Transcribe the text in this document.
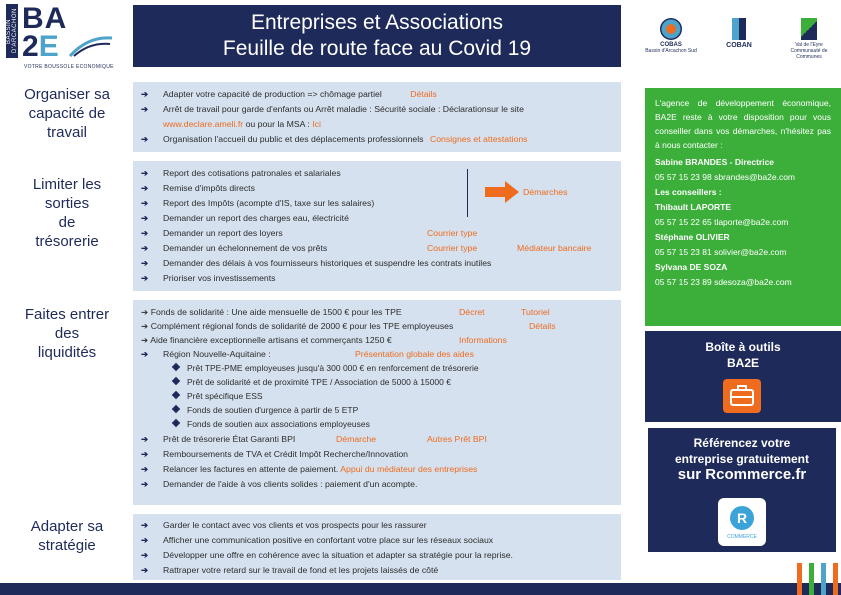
BASSIN D'ARCACHON BA
2E
VOTRE BOUSSOLE ECONOMIQUE
Entreprises et Associations
Feuille de route face au Covid 19	COBAS
Bassin d'Arcachon Sud
COBAN	Val de l'Eyre
Communauté de Communes
Organiser sa
capacité de
travail
➔ Adapter votre capacité de production => chômage partiel	Détails
➔ Arrêt de travail pour garde d'enfants ou Arrêt maladie : Sécurité sociale : Déclarationsur le site
www.declare.ameli.fr ou pour la MSA : Ici
➔ Organisation l'accueil du public et des déplacements professionnels Consignes et attestations
Limiter les
sorties
de
trésorerie
➔ Report des cotisations patronales et salariales
➔ Remise d'impôts directs
➔ Report des Impôts (acompte d'IS, taxe sur les salaires)
➔ Demander un report des charges eau, électricité
➔ Demander un report des loyers	Courrier type
➔ Demander un échelonnement de vos prêts	Courrier type	Médiateur bancaire
➔ Demander des délais à vos fournisseurs historiques et suspendre les contrats inutiles
➔ Prioriser vos investissements
Démarches
Faites entrer
des
liquidités
➔ Fonds de solidarité : Une aide mensuelle de 1500 € pour les TPE	Décret	Tutoriel
➔ Complément régional fonds de solidarité de 2000 € pour les TPE employeuses	Détails
➔ Aide financière exceptionnelle artisans et commerçants 1250 €	Informations
➔ Région Nouvelle-Aquitaine :	Présentation globale des aides
Prêt TPE-PME employeuses jusqu'à 300 000 € en renforcement de trésorerie
Prêt de solidarité et de proximité TPE / Association de 5000 à 15000 €
Prêt spécifique ESS
Fonds de soutien d'urgence à partir de 5 ETP
Fonds de soutien aux associations employeuses
➔ Prêt de trésorerie État Garanti BPI	Démarche	Autres Prêt BPI
➔ Remboursements de TVA et Crédit Impôt Recherche/Innovation
➔ Relancer les factures en attente de paiement. Appui du médiateur des entreprises
➔ Demander de l'aide à vos clients solides : paiement d'un acompte.
Adapter sa
stratégie
➔ Garder le contact avec vos clients et vos prospects pour les rassurer
➔ Afficher une communication positive en confortant votre place sur les réseaux sociaux
➔ Développer une offre en cohérence avec la situation et adapter sa stratégie pour la reprise.
➔ Rattraper votre retard sur le travail de fond et les projets laissés de côté
L'agence de développement économique, BA2E reste à votre disposition pour vous conseiller dans vos démarches, n'hésitez pas à nous contacter :
Sabine BRANDES - Directrice
05 57 15 23 98 sbrandes@ba2e.com
Les conseillers :
Thibault LAPORTE
05 57 15 22 65 tlaporte@ba2e.com
Stéphane OLIVIER
05 57 15 23 81 solivier@ba2e.com
Sylvana DE SOZA
05 57 15 23 89 sdesoza@ba2e.com
Boîte à outils
BA2E
Référencez votre
entreprise gratuitement
sur Rcommerce.fr
R
COMMERCE
